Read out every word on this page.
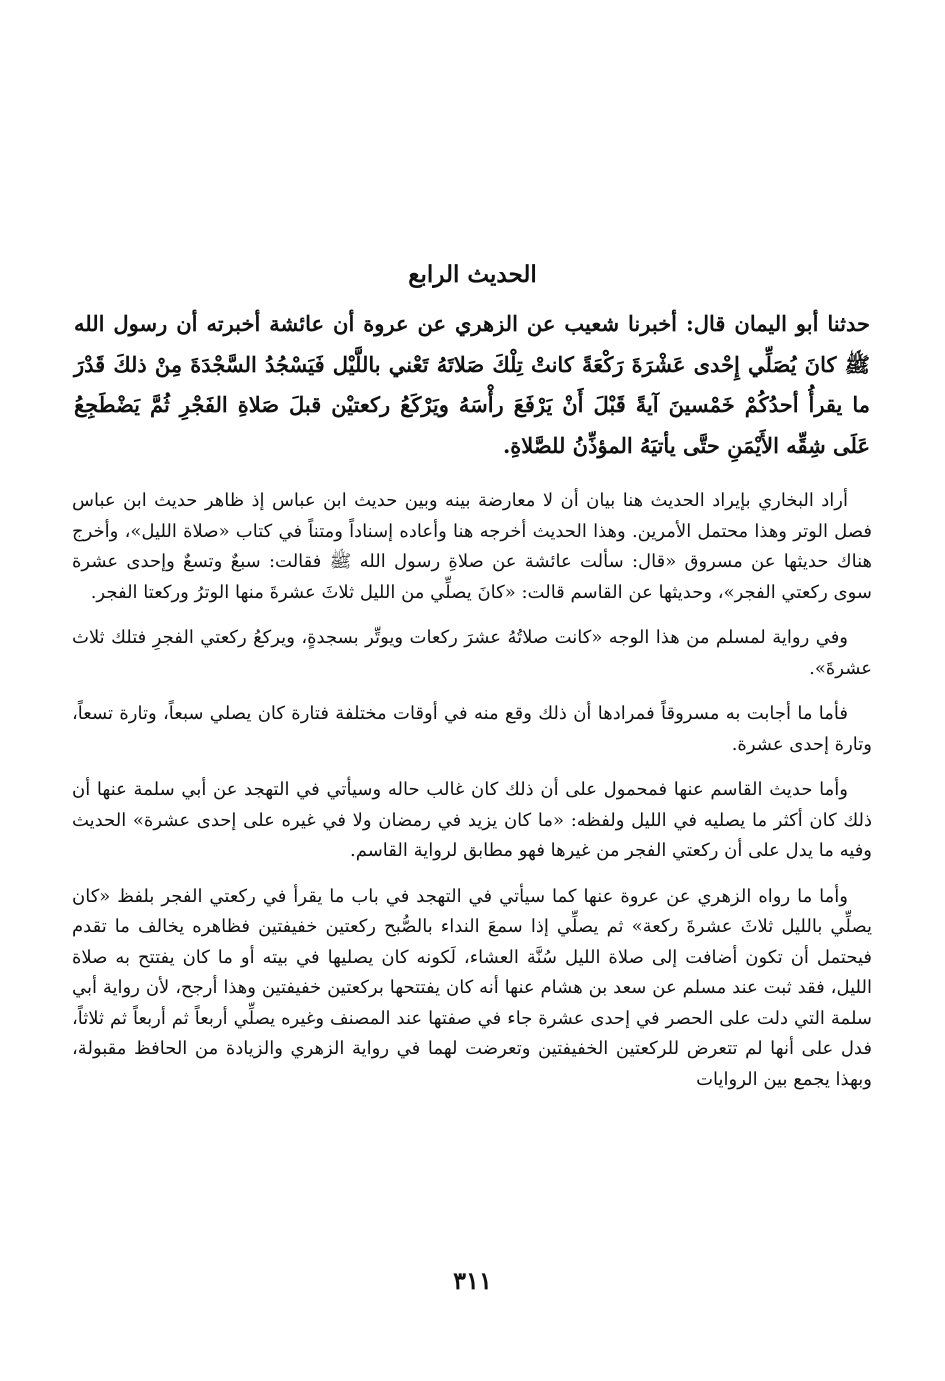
الحديث الرابع

حدثنا أبو اليمان قال: أخبرنا شعيب عن الزهري عن عروة أن عائشة أخبرته أن رسول الله ﷺ كانَ يُصَلِّي إِحْدى عَشْرَةَ رَكْعَةً كانتْ تِلْكَ صَلاتَهُ تَعْني باللَّيْل فَيَسْجُدُ السَّجْدَةَ مِنْ ذلكَ قَدْرَ ما يقرأُ أحدُكُمْ خَمْسينَ آيةً قَبْلَ أَنْ يَرْفَعَ رأْسَهُ ويَرْكَعُ ركعتيْن قبلَ صَلاةِ الفَجْرِ ثُمَّ يَضْطَجِعُ عَلَى شِقِّه الأَيْمَنِ حتَّى يأتيَهُ المؤذِّنُ للصَّلاةِ.

أراد البخاري بإيراد الحديث هنا بيان أن لا معارضة بينه وبين حديث ابن عباس إذ ظاهر حديث ابن عباس فصل الوتر وهذا محتمل الأمرين. وهذا الحديث أخرجه هنا وأعاده إسناداً ومتناً في كتاب «صلاة الليل»، وأخرج هناك حديثها عن مسروق «قال: سألت عائشة عن صلاةِ رسول الله ﷺ فقالت: سبعٌ وتسعٌ وإحدى عشرة سوى ركعتي الفجر»، وحديثها عن القاسم قالت: «كانَ يصلِّي من الليل ثلاثَ عشرةَ منها الوترُ وركعتا الفجر.

وفي رواية لمسلم من هذا الوجه «كانت صلاتُهُ عشرَ ركعات ويوتِّر بسجدةٍ، ويركعُ ركعتي الفجرِ فتلك ثلاث عشرةَ».

فأما ما أجابت به مسروقاً فمرادها أن ذلك وقع منه في أوقات مختلفة فتارة كان يصلي سبعاً، وتارة تسعاً، وتارة إحدى عشرة.

وأما حديث القاسم عنها فمحمول على أن ذلك كان غالب حاله وسيأتي في التهجد عن أبي سلمة عنها أن ذلك كان أكثر ما يصليه في الليل ولفظه: «ما كان يزيد في رمضان ولا في غيره على إحدى عشرة» الحديث وفيه ما يدل على أن ركعتي الفجر من غيرها فهو مطابق لرواية القاسم.

وأما ما رواه الزهري عن عروة عنها كما سيأتي في التهجد في باب ما يقرأ في ركعتي الفجر بلفظ «كان يصلِّي بالليل ثلاثَ عشرةَ ركعة» ثم يصلِّي إذا سمعَ النداء بالصُّبح ركعتين خفيفتين فظاهره يخالف ما تقدم فيحتمل أن تكون أضافت إلى صلاة الليل سُنَّة العشاء، لَكونه كان يصليها في بيته أو ما كان يفتتح به صلاة الليل، فقد ثبت عند مسلم عن سعد بن هشام عنها أنه كان يفتتحها بركعتين خفيفتين وهذا أرجح، لأن رواية أبي سلمة التي دلت على الحصر في إحدى عشرة جاء في صفتها عند المصنف وغيره يصلِّي أربعاً ثم أربعاً ثم ثلاثاً، فدل على أنها لم تتعرض للركعتين الخفيفتين وتعرضت لهما في رواية الزهري والزيادة من الحافظ مقبولة، وبهذا يجمع بين الروايات

٣١١
